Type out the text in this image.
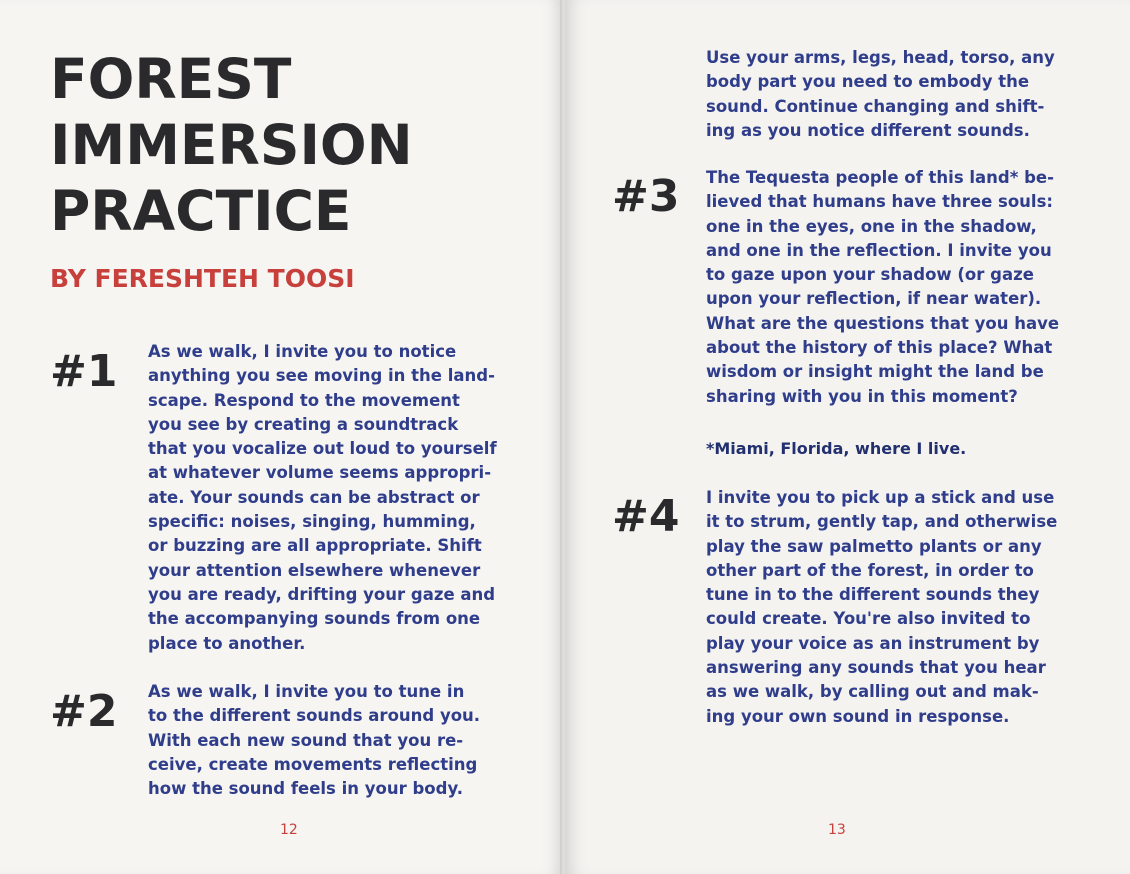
FOREST
IMMERSION
PRACTICE

BY FERESHTEH TOOSI

#1 As we walk, I invite you to notice
anything you see moving in the land-
scape. Respond to the movement
you see by creating a soundtrack
that you vocalize out loud to yourself
at whatever volume seems appropri-
ate. Your sounds can be abstract or
specific: noises, singing, humming,
or buzzing are all appropriate. Shift
your attention elsewhere whenever
you are ready, drifting your gaze and
the accompanying sounds from one
place to another.

#2 As we walk, I invite you to tune in
to the different sounds around you.
With each new sound that you re-
ceive, create movements reflecting
how the sound feels in your body.

12

Use your arms, legs, head, torso, any
body part you need to embody the
sound. Continue changing and shift-
ing as you notice different sounds.

#3 The Tequesta people of this land* be-
lieved that humans have three souls:
one in the eyes, one in the shadow,
and one in the reflection. I invite you
to gaze upon your shadow (or gaze
upon your reflection, if near water).
What are the questions that you have
about the history of this place? What
wisdom or insight might the land be
sharing with you in this moment?

*Miami, Florida, where I live.

#4 I invite you to pick up a stick and use
it to strum, gently tap, and otherwise
play the saw palmetto plants or any
other part of the forest, in order to
tune in to the different sounds they
could create. You're also invited to
play your voice as an instrument by
answering any sounds that you hear
as we walk, by calling out and mak-
ing your own sound in response.

13
